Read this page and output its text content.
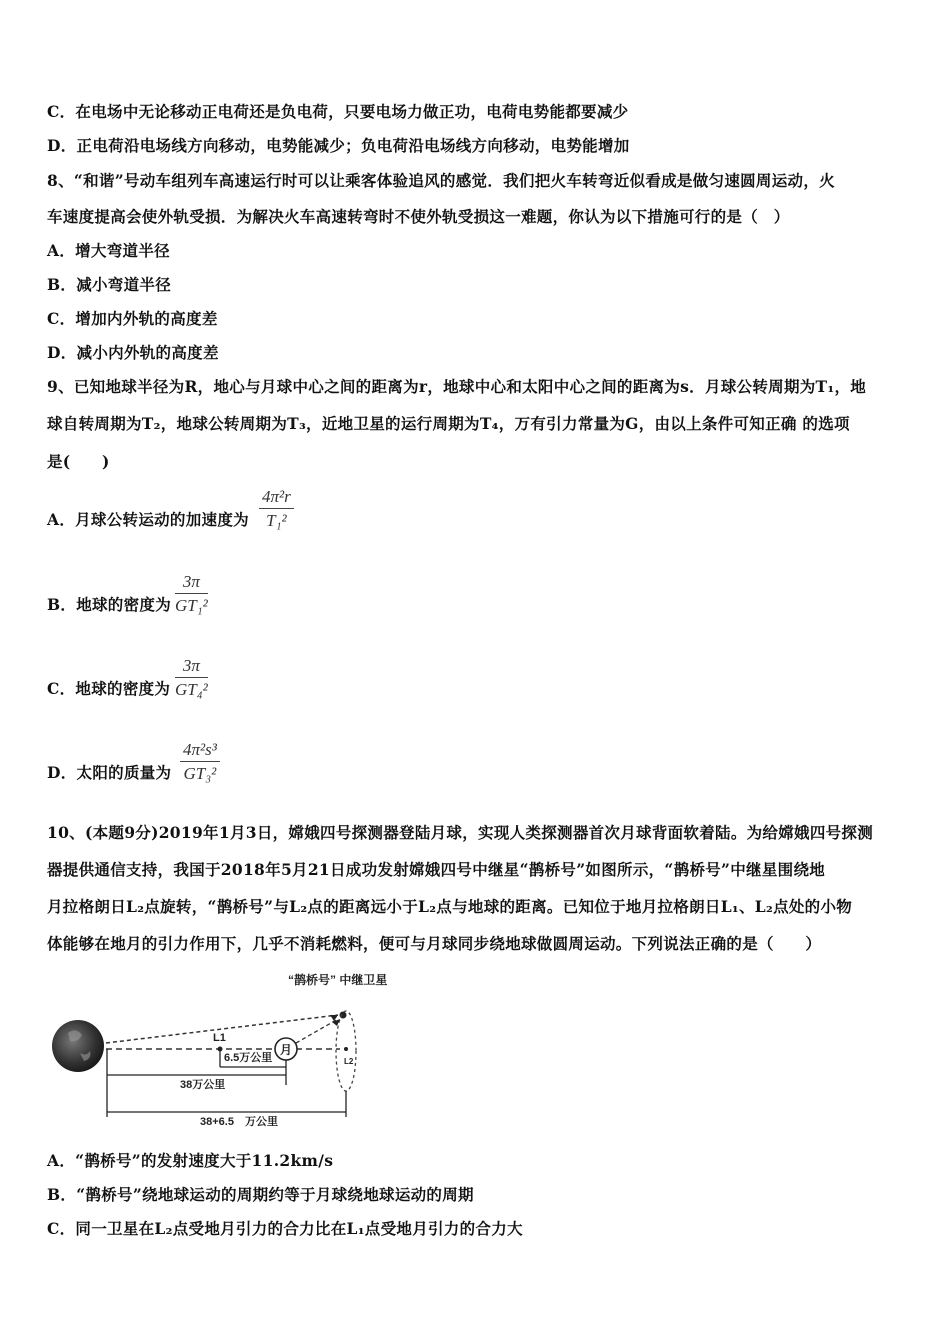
C．在电场中无论移动正电荷还是负电荷，只要电场力做正功，电荷电势能都要减少
D．正电荷沿电场线方向移动，电势能减少；负电荷沿电场线方向移动，电势能增加
8、“和谐”号动车组列车高速运行时可以让乘客体验追风的感觉．我们把火车转弯近似看成是做匀速圆周运动，火
车速度提高会使外轨受损．为解决火车高速转弯时不使外轨受损这一难题，你认为以下措施可行的是（　）
A．增大弯道半径
B．减小弯道半径
C．增加内外轨的高度差
D．减小内外轨的高度差
9、已知地球半径为R，地心与月球中心之间的距离为r，地球中心和太阳中心之间的距离为s．月球公转周期为T₁，地
球自转周期为T₂，地球公转周期为T₃，近地卫星的运行周期为T₄，万有引力常量为G，由以上条件可知正确 的选项
是(　　)
A．月球公转运动的加速度为 $\frac{\text{4π²r}}{\text{T₁²}}$
B．地球的密度为 $\frac{3\pi}{\text{GT₁²}}$
C．地球的密度为 $\frac{3\pi}{\text{GT₄²}}$
D．太阳的质量为 $\frac{\text{4π²s³}}{\text{GT₃²}}$
10、(本题9分)2019年1月3日，嫦娥四号探测器登陆月球，实现人类探测器首次月球背面软着陆。为给嫦娥四号探测
器提供通信支持，我国于2018年5月21日成功发射嫦娥四号中继星“鹊桥号”如图所示，“鹊桥号”中继星围绕地
月拉格朗日L₂点旋转，“鹊桥号”与L₂点的距离远小于L₂点与地球的距离。已知位于地月拉格朗日L₁、L₂点处的小物
体能够在地月的引力作用下，几乎不消耗燃料，便可与月球同步绕地球做圆周运动。下列说法正确的是（　　）
“鹊桥号” 中继卫星
L1
月
L2
6.5万公里
38万公里
38+6.5　万公里
A．“鹊桥号”的发射速度大于11.2km/s
B．“鹊桥号”绕地球运动的周期约等于月球绕地球运动的周期
C．同一卫星在L₂点受地月引力的合力比在L₁点受地月引力的合力大
